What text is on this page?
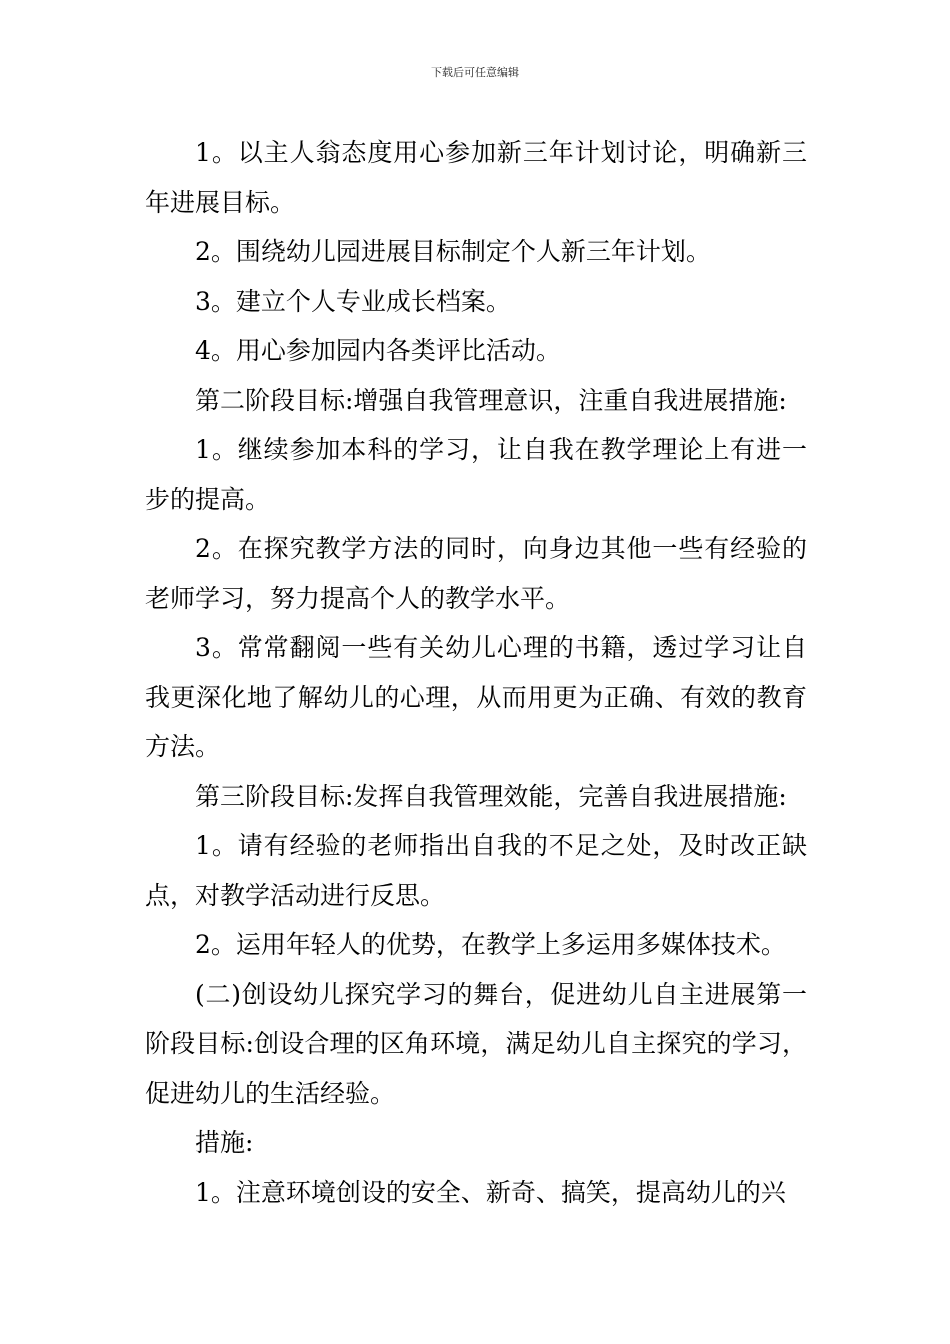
下载后可任意编辑

1。以主人翁态度用心参加新三年计划讨论，明确新三年进展目标。

2。围绕幼儿园进展目标制定个人新三年计划。

3。建立个人专业成长档案。

4。用心参加园内各类评比活动。

第二阶段目标:增强自我管理意识，注重自我进展措施:

1。继续参加本科的学习，让自我在教学理论上有进一步的提高。

2。在探究教学方法的同时，向身边其他一些有经验的老师学习，努力提高个人的教学水平。

3。常常翻阅一些有关幼儿心理的书籍，透过学习让自我更深化地了解幼儿的心理，从而用更为正确、有效的教育方法。

第三阶段目标:发挥自我管理效能，完善自我进展措施:

1。请有经验的老师指出自我的不足之处，及时改正缺点，对教学活动进行反思。

2。运用年轻人的优势，在教学上多运用多媒体技术。

(二)创设幼儿探究学习的舞台，促进幼儿自主进展第一阶段目标:创设合理的区角环境，满足幼儿自主探究的学习，促进幼儿的生活经验。

措施:

1。注意环境创设的安全、新奇、搞笑，提高幼儿的兴
